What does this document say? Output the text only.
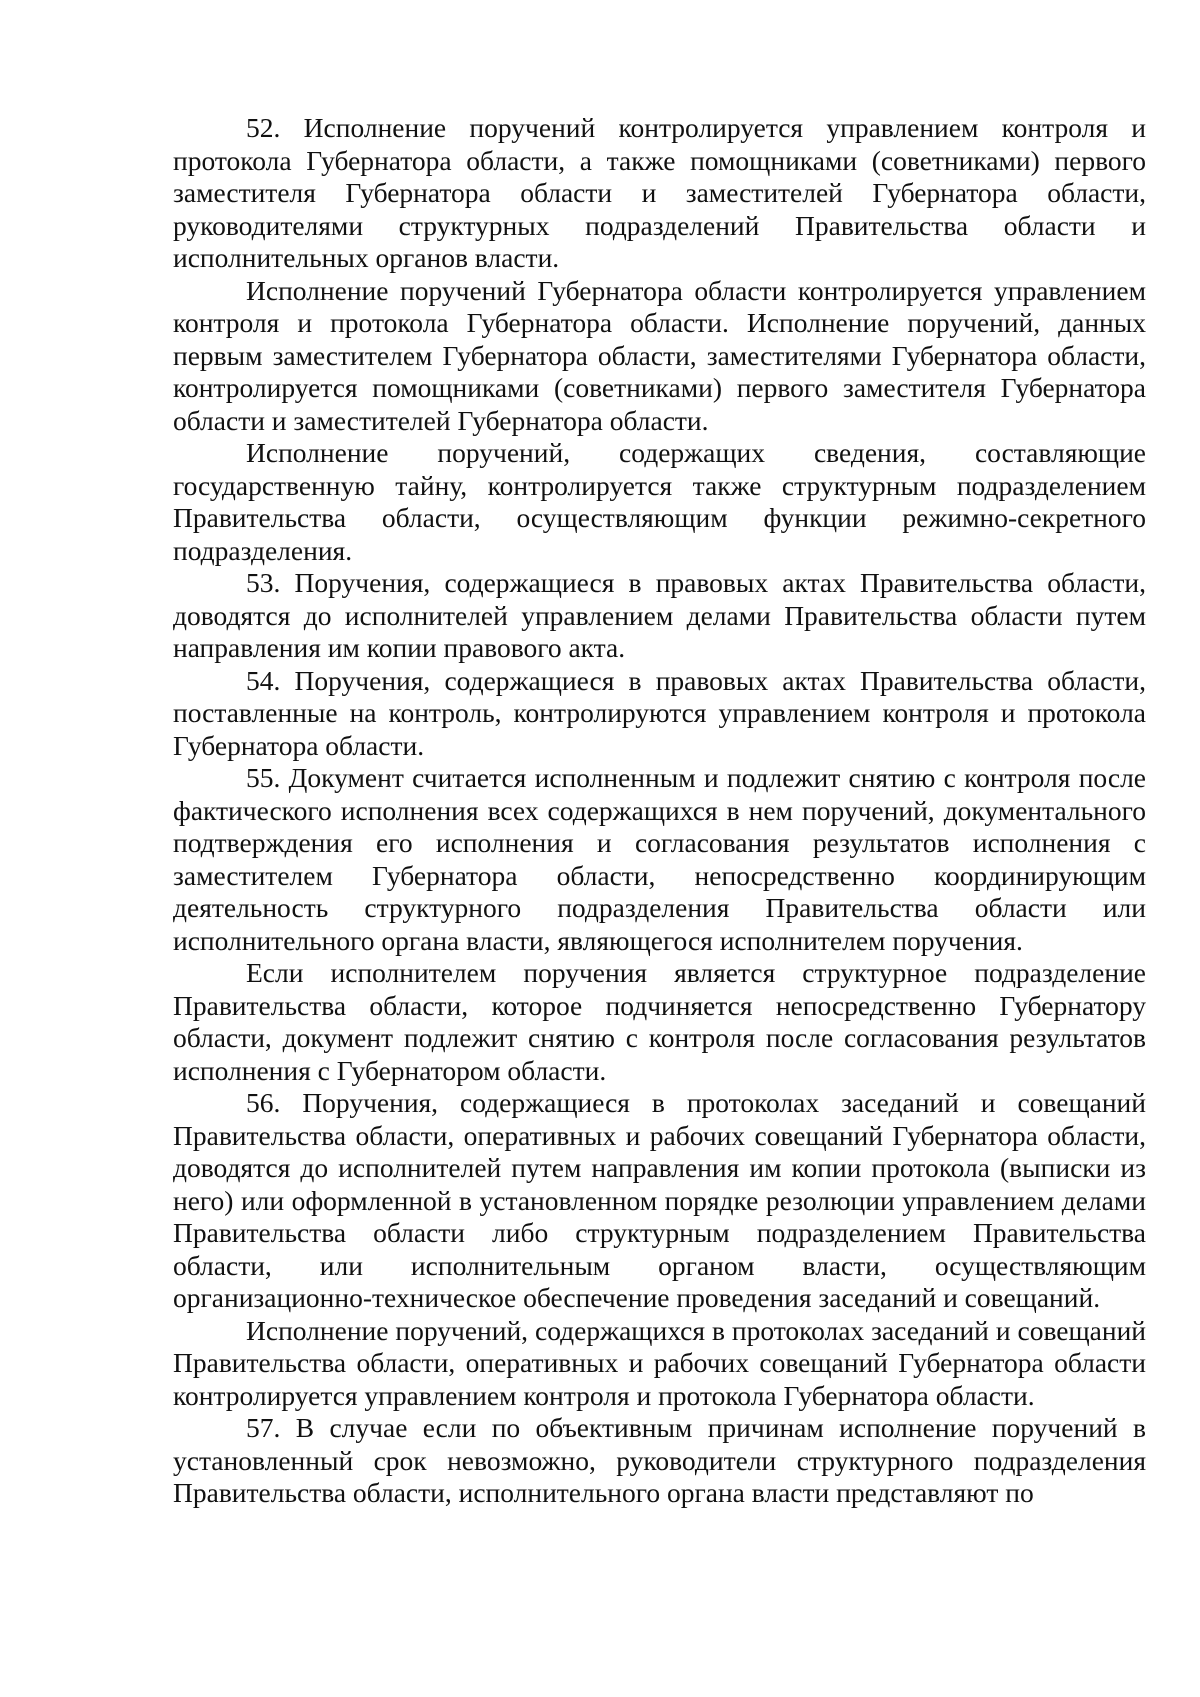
52. Исполнение поручений контролируется управлением контроля и протокола Губернатора области, а также помощниками (советниками) первого заместителя Губернатора области и заместителей Губернатора области, руководителями структурных подразделений Правительства области и исполнительных органов власти.

Исполнение поручений Губернатора области контролируется управлением контроля и протокола Губернатора области. Исполнение поручений, данных первым заместителем Губернатора области, заместителями Губернатора области, контролируется помощниками (советниками) первого заместителя Губернатора области и заместителей Губернатора области.

Исполнение поручений, содержащих сведения, составляющие государственную тайну, контролируется также структурным подразделением Правительства области, осуществляющим функции режимно-секретного подразделения.

53. Поручения, содержащиеся в правовых актах Правительства области, доводятся до исполнителей управлением делами Правительства области путем направления им копии правового акта.

54. Поручения, содержащиеся в правовых актах Правительства области, поставленные на контроль, контролируются управлением контроля и протокола Губернатора области.

55. Документ считается исполненным и подлежит снятию с контроля после фактического исполнения всех содержащихся в нем поручений, документального подтверждения его исполнения и согласования результатов исполнения с заместителем Губернатора области, непосредственно координирующим деятельность структурного подразделения Правительства области или исполнительного органа власти, являющегося исполнителем поручения.

Если исполнителем поручения является структурное подразделение Правительства области, которое подчиняется непосредственно Губернатору области, документ подлежит снятию с контроля после согласования результатов исполнения с Губернатором области.

56. Поручения, содержащиеся в протоколах заседаний и совещаний Правительства области, оперативных и рабочих совещаний Губернатора области, доводятся до исполнителей путем направления им копии протокола (выписки из него) или оформленной в установленном порядке резолюции управлением делами Правительства области либо структурным подразделением Правительства области, или исполнительным органом власти, осуществляющим организационно-техническое обеспечение проведения заседаний и совещаний.

Исполнение поручений, содержащихся в протоколах заседаний и совещаний Правительства области, оперативных и рабочих совещаний Губернатора области контролируется управлением контроля и протокола Губернатора области.

57. В случае если по объективным причинам исполнение поручений в установленный срок невозможно, руководители структурного подразделения Правительства области, исполнительного органа власти представляют по
